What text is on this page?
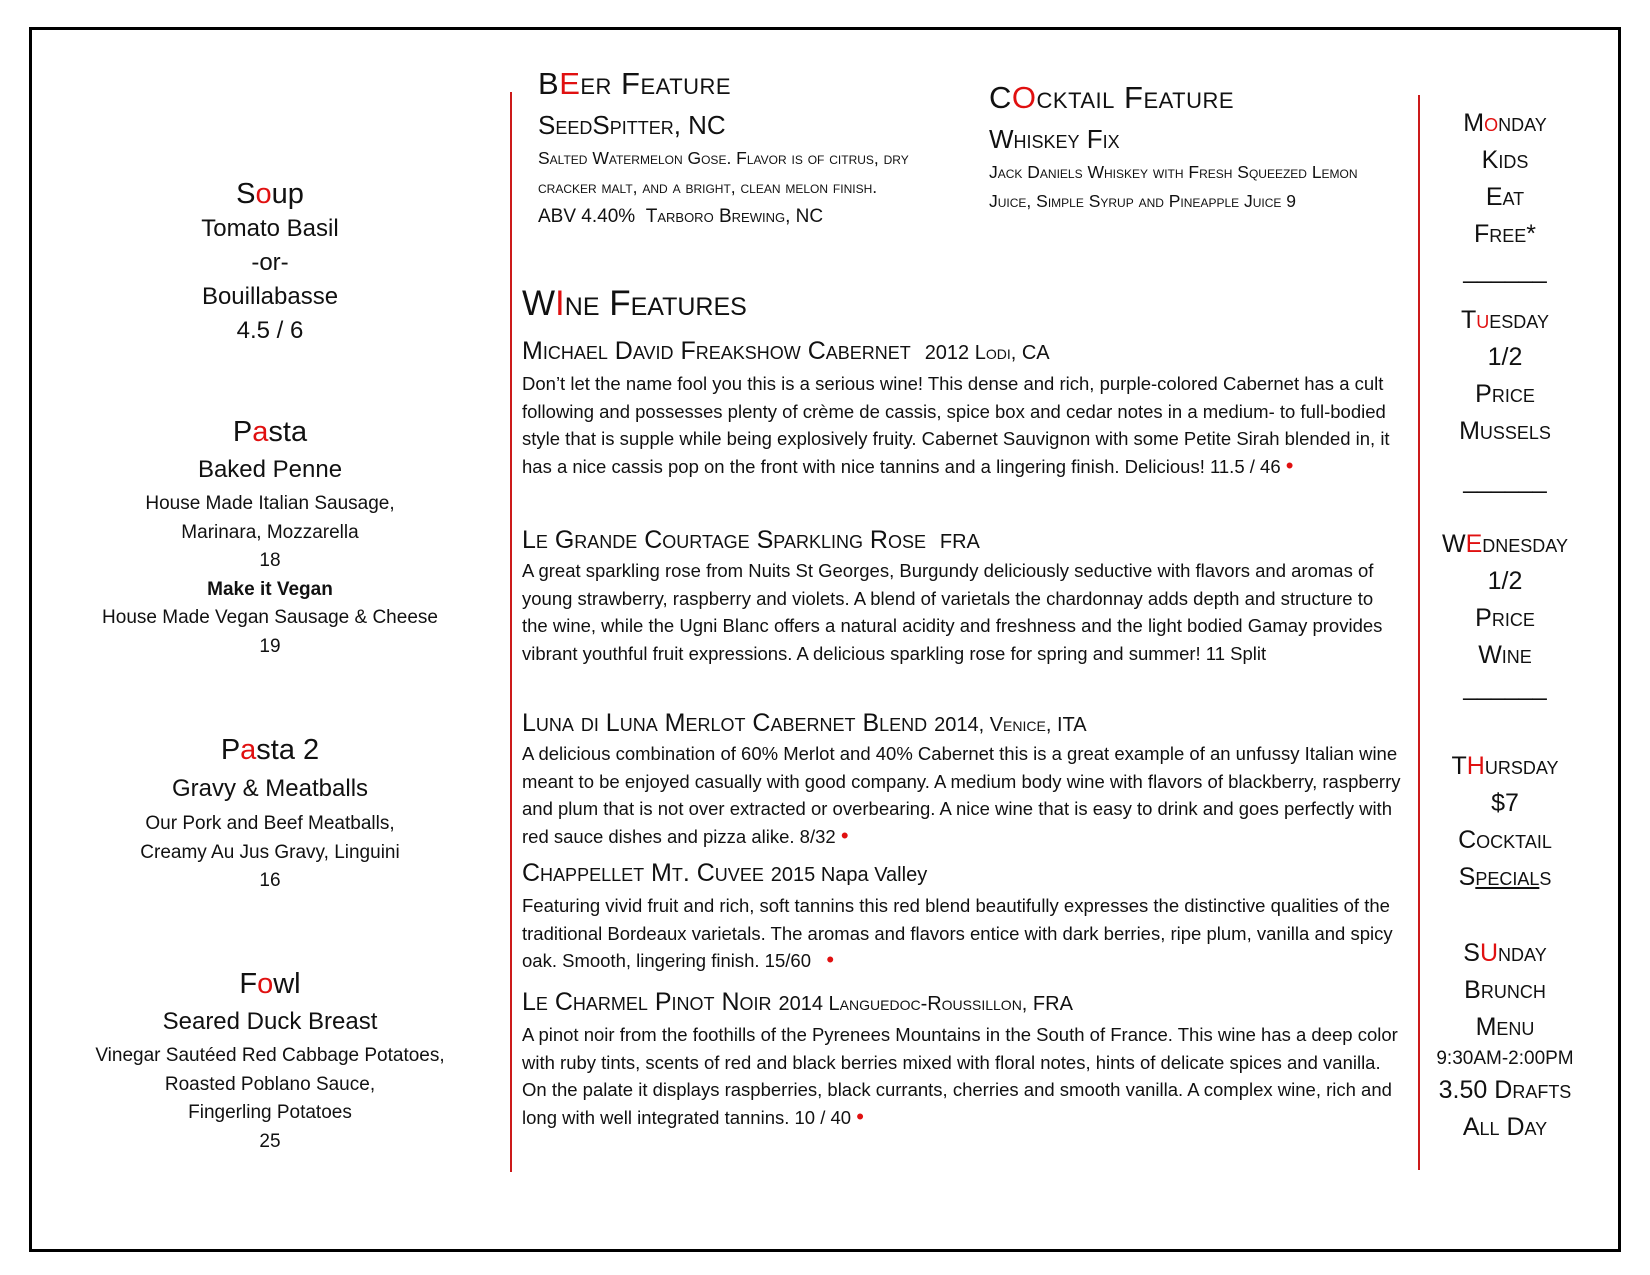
Soup
Tomato Basil
-or-
Bouillabasse
4.5 / 6
Pasta
Baked Penne
House Made Italian Sausage,
Marinara, Mozzarella
18
Make it Vegan
House Made Vegan Sausage & Cheese
19
Pasta 2
Gravy & Meatballs
Our Pork and Beef Meatballs,
Creamy Au Jus Gravy, Linguini
16
Fowl
Seared Duck Breast
Vinegar Sautéed Red Cabbage Potatoes,
Roasted Poblano Sauce,
Fingerling Potatoes
25
BEer Feature
SeedSpitter, NC
Salted Watermelon Gose. Flavor is of citrus, dry cracker malt, and a bright, clean melon finish.
ABV 4.40% Tarboro Brewing, NC
COcktail Feature
Whiskey Fix
Jack Daniels Whiskey with Fresh Squeezed Lemon Juice, Simple Syrup and Pineapple Juice 9
WIne Features
Michael David Freakshow Cabernet 2012 Lodi, CA
Don’t let the name fool you this is a serious wine! This dense and rich, purple-colored Cabernet has a cult following and possesses plenty of crème de cassis, spice box and cedar notes in a medium- to full-bodied style that is supple while being explosively fruity. Cabernet Sauvignon with some Petite Sirah blended in, it has a nice cassis pop on the front with nice tannins and a lingering finish. Delicious! 11.5 / 46 •
Le Grande Courtage Sparkling Rose FRA
A great sparkling rose from Nuits St Georges, Burgundy deliciously seductive with flavors and aromas of young strawberry, raspberry and violets. A blend of varietals the chardonnay adds depth and structure to the wine, while the Ugni Blanc offers a natural acidity and freshness and the light bodied Gamay provides vibrant youthful fruit expressions. A delicious sparkling rose for spring and summer! 11 Split
Luna di Luna Merlot Cabernet Blend 2014, Venice, ITA
A delicious combination of 60% Merlot and 40% Cabernet this is a great example of an unfussy Italian wine meant to be enjoyed casually with good company. A medium body wine with flavors of blackberry, raspberry and plum that is not over extracted or overbearing. A nice wine that is easy to drink and goes perfectly with red sauce dishes and pizza alike. 8/32 •
Chappellet Mt. Cuvee 2015 Napa Valley
Featuring vivid fruit and rich, soft tannins this red blend beautifully expresses the distinctive qualities of the traditional Bordeaux varietals. The aromas and flavors entice with dark berries, ripe plum, vanilla and spicy oak. Smooth, lingering finish. 15/60 •
Le Charmel Pinot Noir 2014 Languedoc-Roussillon, FRA
A pinot noir from the foothills of the Pyrenees Mountains in the South of France. This wine has a deep color with ruby tints, scents of red and black berries mixed with floral notes, hints of delicate spices and vanilla. On the palate it displays raspberries, black currants, cherries and smooth vanilla. A complex wine, rich and long with well integrated tannins. 10 / 40 •
Monday
Kids
Eat
Free*
______
Tuesday
1/2
Price
Mussels
______
WEdnesday
1/2
Price
Wine
______
THursday
$7
Cocktail
Specials
SUnday
Brunch
Menu
9:30AM-2:00PM
3.50 Drafts
All Day
